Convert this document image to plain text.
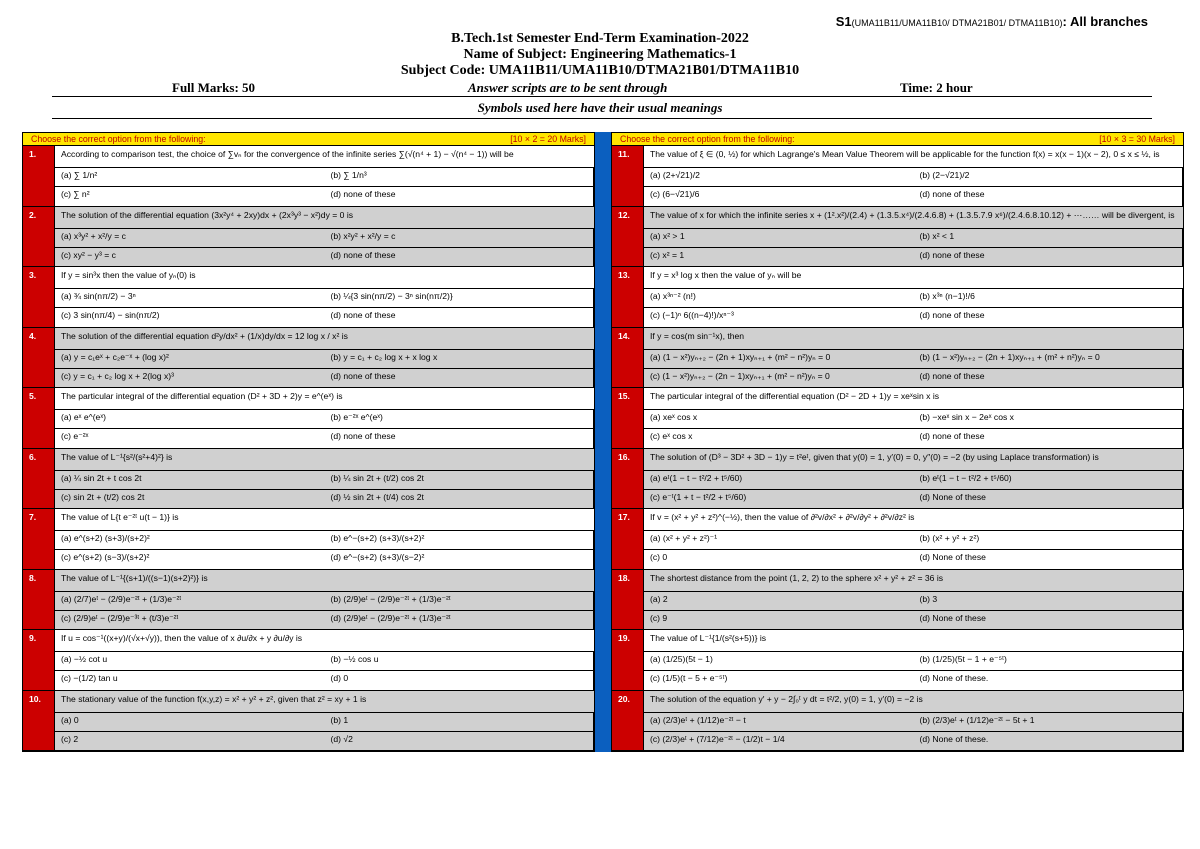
S1(UMA11B11/UMA11B10/ DTMA21B01/ DTMA11B10): All branches
B.Tech.1st Semester End-Term Examination-2022
Name of Subject: Engineering Mathematics-1
Subject Code: UMA11B11/UMA11B10/DTMA21B01/DTMA11B10
Full Marks: 50	Answer scripts are to be sent through	Time: 2 hour
Symbols used here have their usual meanings
Choose the correct option from the following:	[10 × 2 = 20 Marks]
1.	According to comparison test, the choice of ∑vₙ for the convergence of the infinite series ∑(√(n⁴ + 1) − √(n⁴ − 1)) will be
(a) ∑ 1/n²	(b) ∑ 1/n³
(c) ∑ n²	(d) none of these
2.	The solution of the differential equation (3x²y⁴ + 2xy)dx + (2x³y³ − x²)dy = 0 is
(a) x³y² + x²/y = c	(b) x²y² + x²/y = c
(c) xy² − y³ = c	(d) none of these
3.	If y = sin³x then the value of yₙ(0) is
(a) ¾ sin(nπ/2) − 3ⁿ	(b) ¼{3 sin(nπ/2) − 3ⁿ sin(nπ/2)}
(c) 3 sin(nπ/4) − sin(nπ/2)	(d) none of these
4.	The solution of the differential equation d²y/dx² + (1/x)dy/dx = 12 log x / x² is
(a) y = c₁eˣ + c₂e⁻ˣ + (log x)²	(b) y = c₁ + c₂ log x + x log x
(c) y = c₁ + c₂ log x + 2(log x)³	(d) none of these
5.	The particular integral of the differential equation (D² + 3D + 2)y = e^(eˣ) is
(a) eˣ e^(eˣ)	(b) e⁻²ˣ e^(eˣ)
(c) e⁻²ˣ	(d) none of these
6.	The value of L⁻¹{s²/(s²+4)²} is
(a) ¼ sin 2t + t cos 2t	(b) ¼ sin 2t + (t/2) cos 2t
(c) sin 2t + (t/2) cos 2t	(d) ½ sin 2t + (t/4) cos 2t
7.	The value of L{t e⁻²ᵗ u(t − 1)} is
(a) e^(s+2) (s+3)/(s+2)²	(b) e^−(s+2) (s+3)/(s+2)²
(c) e^(s+2) (s−3)/(s+2)²	(d) e^−(s+2) (s+3)/(s−2)²
8.	The value of L⁻¹{(s+1)/((s−1)(s+2)²)} is
(a) (2/7)eᵗ − (2/9)e⁻²ᵗ + (1/3)e⁻²ᵗ	(b) (2/9)eᵗ − (2/9)e⁻²ᵗ + (1/3)e⁻²ᵗ
(c) (2/9)eᵗ − (2/9)e⁻³ᵗ + (t/3)e⁻²ᵗ	(d) (2/9)eᵗ − (2/9)e⁻²ᵗ + (1/3)e⁻²ᵗ
9.	If u = cos⁻¹((x+y)/(√x+√y)), then the value of x ∂u/∂x + y ∂u/∂y is
(a) −½ cot u	(b) −½ cos u
(c) −(1/2) tan u	(d) 0
10.	The stationary value of the function f(x,y,z) = x² + y² + z², given that z² = xy + 1 is
(a) 0	(b) 1
(c) 2	(d) √2
Choose the correct option from the following:	[10 × 3 = 30 Marks]
11.	The value of ξ ∈ (0, ½) for which Lagrange's Mean Value Theorem will be applicable for the function f(x) = x(x − 1)(x − 2), 0 ≤ x ≤ ½, is
(a) (2+√21)/2	(b) (2−√21)/2
(c) (6−√21)/6	(d) none of these
12.	The value of x for which the infinite series x + (1².x²)/(2.4) + (1.3.5.x⁴)/(2.4.6.8) + (1.3.5.7.9 x⁶)/(2.4.6.8.10.12) + ⋯…… will be divergent, is
(a) x² > 1	(b) x² < 1
(c) x² = 1	(d) none of these
13.	If y = x³ log x then the value of yₙ will be
(a) x³ⁿ⁻² (n!)	(b) x³ⁿ (n−1)!/6
(c) (−1)ⁿ 6((n−4)!)/xⁿ⁻³	(d) none of these
14.	If y = cos(m sin⁻¹x), then
(a) (1 − x²)yₙ₊₂ − (2n + 1)xyₙ₊₁ + (m² − n²)yₙ = 0	(b) (1 − x²)yₙ₊₂ − (2n + 1)xyₙ₊₁ + (m² + n²)yₙ = 0
(c) (1 − x²)yₙ₊₂ − (2n − 1)xyₙ₊₁ + (m² − n²)yₙ = 0	(d) none of these
15.	The particular integral of the differential equation (D² − 2D + 1)y = xeˣsin x is
(a) xeˣ cos x	(b) −xeˣ sin x − 2eˣ cos x
(c) eˣ cos x	(d) none of these
16.	The solution of (D³ − 3D² + 3D − 1)y = t²eᵗ, given that y(0) = 1, y′(0) = 0, y″(0) = −2 (by using Laplace transformation) is
(a) eᵗ(1 − t − t²/2 + t⁵/60)	(b) eᵗ(1 − t − t²/2 + t⁵/60)
(c) e⁻ᵗ(1 + t − t²/2 + t⁵/60)	(d) None of these
17.	If v = (x² + y² + z²)^(−½), then the value of ∂²v/∂x² + ∂²v/∂y² + ∂²v/∂z² is
(a) (x² + y² + z²)⁻¹	(b) (x² + y² + z²)
(c) 0	(d) None of these
18.	The shortest distance from the point (1, 2, 2) to the sphere x² + y² + z² = 36 is
(a) 2	(b) 3
(c) 9	(d) None of these
19.	The value of L⁻¹{1/(s²(s+5))} is
(a) (1/25)(5t − 1)	(b) (1/25)(5t − 1 + e⁻⁵ᵗ)
(c) (1/5)(t − 5 + e⁻⁵ᵗ)	(d) None of these.
20.	The solution of the equation y′ + y − 2∫₀ᵗ y dt = t²/2, y(0) = 1, y′(0) = −2 is
(a) (2/3)eᵗ + (1/12)e⁻²ᵗ − t	(b) (2/3)eᵗ + (1/12)e⁻²ᵗ − 5t + 1
(c) (2/3)eᵗ + (7/12)e⁻²ᵗ − (1/2)t − 1/4	(d) None of these.
